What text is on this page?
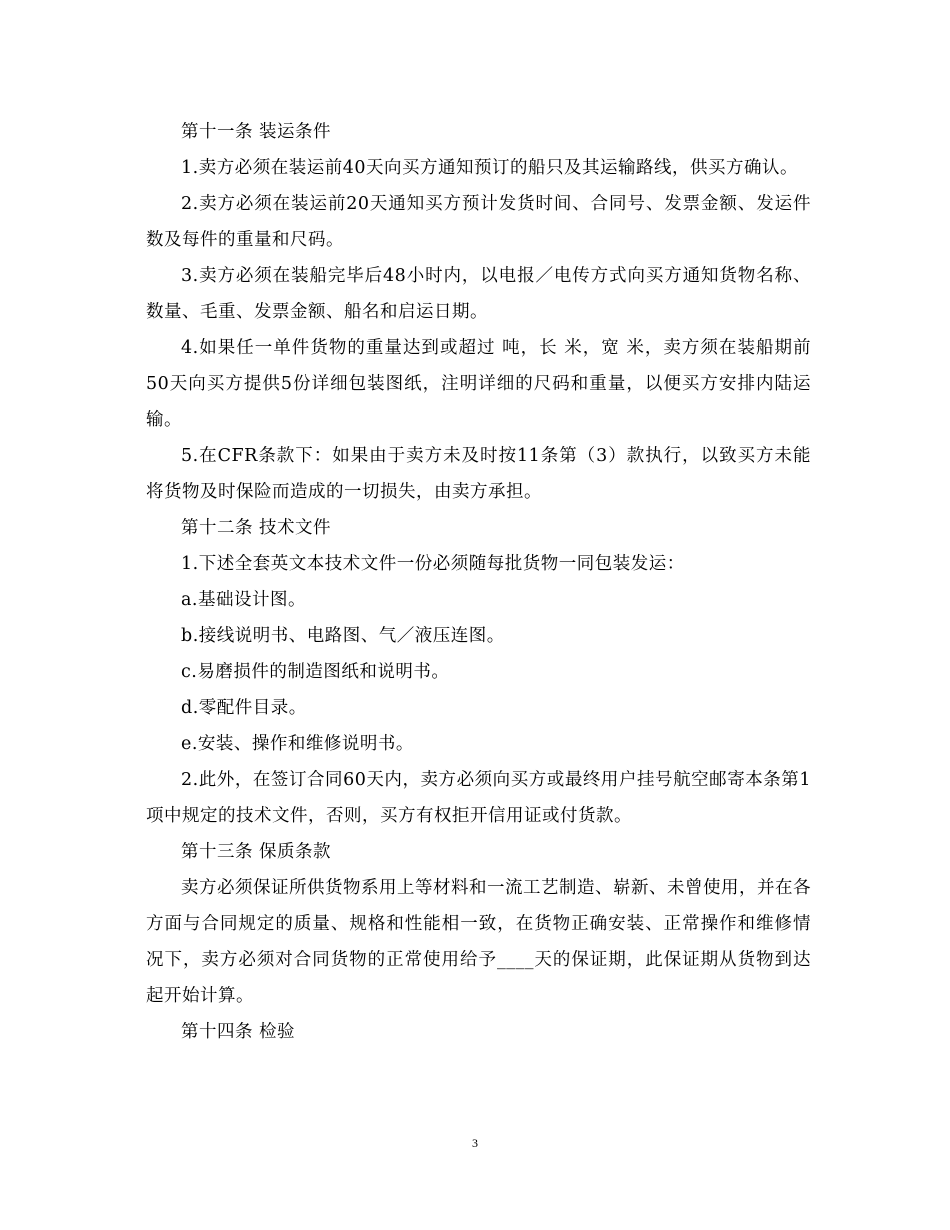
第十一条 装运条件

1.卖方必须在装运前40天向买方通知预订的船只及其运输路线，供买方确认。

2.卖方必须在装运前20天通知买方预计发货时间、合同号、发票金额、发运件数及每件的重量和尺码。

3.卖方必须在装船完毕后48小时内，以电报／电传方式向买方通知货物名称、数量、毛重、发票金额、船名和启运日期。

4.如果任一单件货物的重量达到或超过 吨，长 米，宽 米，卖方须在装船期前50天向买方提供5份详细包装图纸，注明详细的尺码和重量，以便买方安排内陆运输。

5.在CFR条款下：如果由于卖方未及时按11条第（3）款执行，以致买方未能将货物及时保险而造成的一切损失，由卖方承担。

第十二条 技术文件

1.下述全套英文本技术文件一份必须随每批货物一同包装发运：

a.基础设计图。

b.接线说明书、电路图、气／液压连图。

c.易磨损件的制造图纸和说明书。

d.零配件目录。

e.安装、操作和维修说明书。

2.此外，在签订合同60天内，卖方必须向买方或最终用户挂号航空邮寄本条第1项中规定的技术文件，否则，买方有权拒开信用证或付货款。

第十三条 保质条款

卖方必须保证所供货物系用上等材料和一流工艺制造、崭新、未曾使用，并在各方面与合同规定的质量、规格和性能相一致，在货物正确安装、正常操作和维修情况下，卖方必须对合同货物的正常使用给予____天的保证期，此保证期从货物到达起开始计算。

第十四条 检验

3
